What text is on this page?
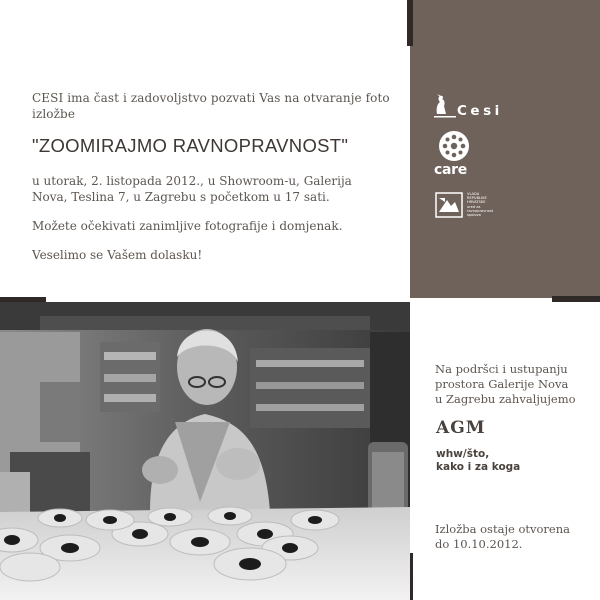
CESI ima čast i zadovoljstvo pozvati Vas na otvaranje foto izložbe

"ZOOMIRAJMO RAVNOPRAVNOST"

u utorak, 2. listopada 2012., u Showroom-u, Galerija Nova, Teslina 7, u Zagrebu s početkom u 17 sati.

Možete očekivati zanimljive fotografije i domjenak.

Veselimo se Vašem dolasku!

Cesi
care
VLADA
REPUBLIKE
HRVATSKE
ured za
ravnopravnost
spolova
Na podršci i ustupanju
prostora Galerije Nova
u Zagrebu zahvaljujemo
AGM
whw/što,
kako i za koga
Izložba ostaje otvorena
do 10.10.2012.
